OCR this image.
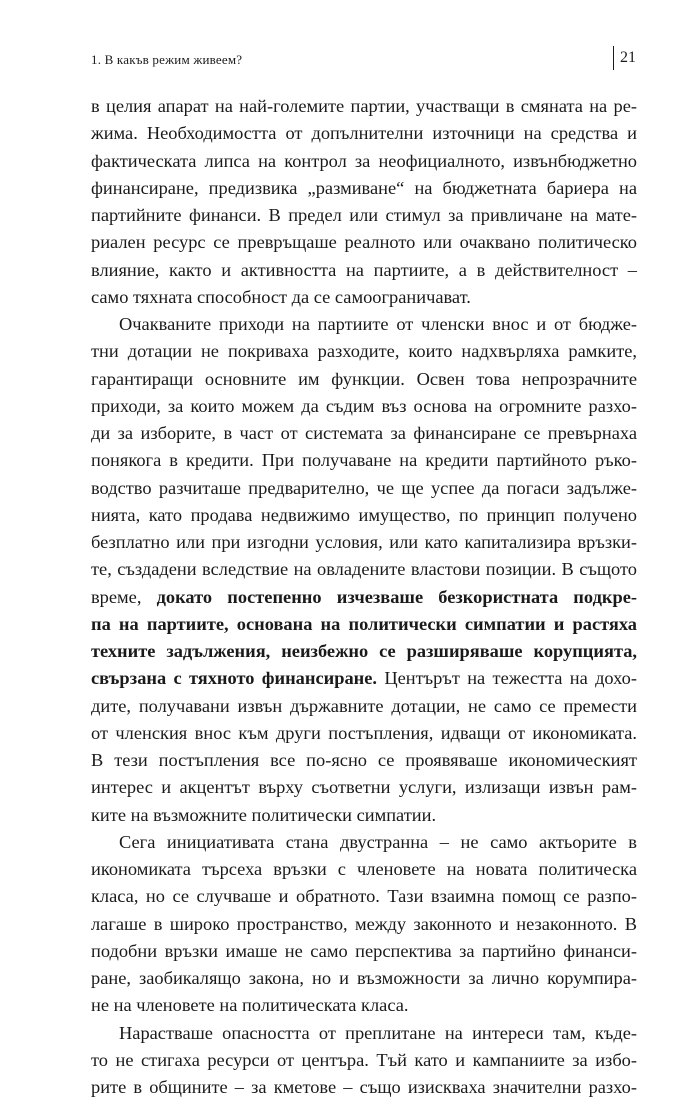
1. В какъв режим живеем?	21
в целия апарат на най-големите партии, участващи в смяната на ре-
жима. Необходимостта от допълнителни източници на средства и
фактическата липса на контрол за неофициалното, извънбюджетно
финансиране, предизвика „размиване“ на бюджетната бариера на
партийните финанси. В предел или стимул за привличане на мате-
риален ресурс се превръщаше реалното или очаквано политическо
влияние, както и активността на партиите, а в действителност –
само тяхната способност да се самоограничават.
Очакваните приходи на партиите от членски внос и от бюдже-
тни дотации не покриваха разходите, които надхвърляха рамките,
гарантиращи основните им функции. Освен това непрозрачните
приходи, за които можем да съдим въз основа на огромните разхо-
ди за изборите, в част от системата за финансиране се превърнаха
понякога в кредити. При получаване на кредити партийното ръко-
водство разчиташе предварително, че ще успее да погаси задълже-
нията, като продава недвижимо имущество, по принцип получено
безплатно или при изгодни условия, или като капитализира връзки-
те, създадени вследствие на овладените властови позиции. В същото
време, докато постепенно изчезваше безкористната подкре-
па на партиите, основана на политически симпатии и растяха
техните задължения, неизбежно се разширяваше корупцията,
свързана с тяхното финансиране. Центърът на тежестта на дохо-
дите, получавани извън държавните дотации, не само се премести
от членския внос към други постъпления, идващи от икономиката.
В тези постъпления все по-ясно се проявяваше икономическият
интерес и акцентът върху съответни услуги, излизащи извън рам-
ките на възможните политически симпатии.
Сега инициативата стана двустранна – не само актьорите в
икономиката търсеха връзки с членовете на новата политическа
класа, но се случваше и обратното. Тази взаимна помощ се разпо-
лагаше в широко пространство, между законното и незаконното. В
подобни връзки имаше не само перспектива за партийно финанси-
ране, заобикалящо закона, но и възможности за лично корумпира-
не на членовете на политическата класа.
Нарастваше опасността от преплитане на интереси там, къде-
то не стигаха ресурси от центъра. Тъй като и кампаниите за избо-
рите в общините – за кметове – също изискваха значителни разхо-
